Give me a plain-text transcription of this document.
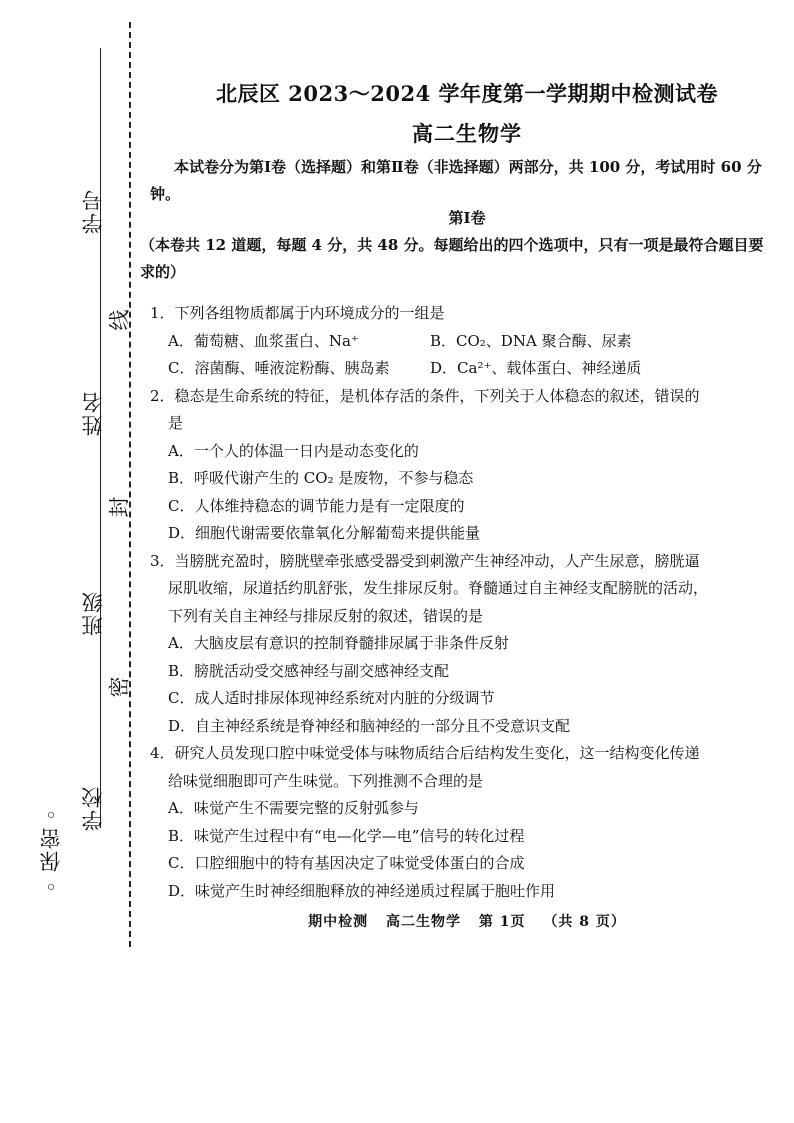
学号
姓名
班级
学校
◦保密◦
线
封
密
北辰区 2023～2024 学年度第一学期期中检测试卷
高二生物学
本试卷分为第Ⅰ卷（选择题）和第Ⅱ卷（非选择题）两部分，共 100 分，考试用时 60 分钟。
第Ⅰ卷
（本卷共 12 道题，每题 4 分，共 48 分。每题给出的四个选项中，只有一项是最符合题目要求的）
1．下列各组物质都属于内环境成分的一组是
A．葡萄糖、血浆蛋白、Na⁺	B．CO₂、DNA 聚合酶、尿素
C．溶菌酶、唾液淀粉酶、胰岛素	D．Ca²⁺、载体蛋白、神经递质
2．稳态是生命系统的特征，是机体存活的条件，下列关于人体稳态的叙述，错误的
是
A．一个人的体温一日内是动态变化的
B．呼吸代谢产生的 CO₂ 是废物，不参与稳态
C．人体维持稳态的调节能力是有一定限度的
D．细胞代谢需要依靠氧化分解葡萄来提供能量
3．当膀胱充盈时，膀胱壁牵张感受器受到刺激产生神经冲动，人产生尿意，膀胱逼
尿肌收缩，尿道括约肌舒张，发生排尿反射。脊髓通过自主神经支配膀胱的活动，
下列有关自主神经与排尿反射的叙述，错误的是
A．大脑皮层有意识的控制脊髓排尿属于非条件反射
B．膀胱活动受交感神经与副交感神经支配
C．成人适时排尿体现神经系统对内脏的分级调节
D．自主神经系统是脊神经和脑神经的一部分且不受意识支配
4．研究人员发现口腔中味觉受体与味物质结合后结构发生变化，这一结构变化传递
给味觉细胞即可产生味觉。下列推测不合理的是
A．味觉产生不需要完整的反射弧参与
B．味觉产生过程中有“电—化学—电”信号的转化过程
C．口腔细胞中的特有基因决定了味觉受体蛋白的合成
D．味觉产生时神经细胞释放的神经递质过程属于胞吐作用
期中检测 高二生物学 第 1页 （共 8 页）
